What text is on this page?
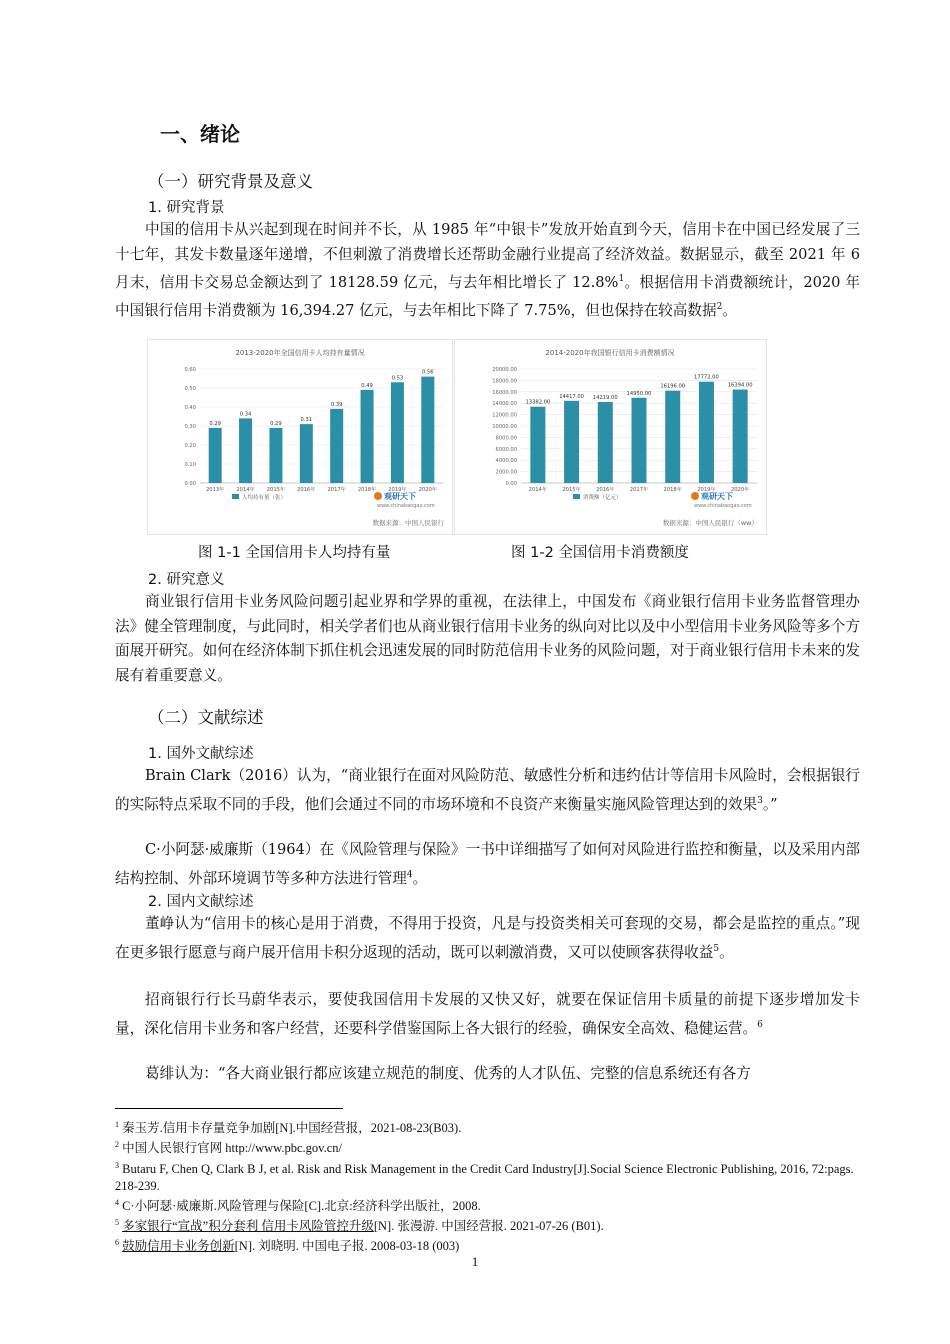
一、绪论
（一）研究背景及意义
1. 研究背景
中国的信用卡从兴起到现在时间并不长，从 1985 年“中银卡”发放开始直到今天，信用卡在中国已经发展了三十七年，其发卡数量逐年递增，不但刺激了消费增长还帮助金融行业提高了经济效益。数据显示，截至 2021 年 6 月末，信用卡交易总金额达到了 18128.59 亿元，与去年相比增长了 12.8%$^1$。根据信用卡消费额统计，2020 年中国银行信用卡消费额为 16,394.27 亿元，与去年相比下降了 7.75%，但也保持在较高数据$^2$。
2013-2020年全国信用卡人均持有量情况
0.29
0.34
0.29
0.31
0.39
0.49
0.53
0.56
2013年 2014年 2015年 2016年 2017年 2018年 2019年 2020年
0.00
0.10
0.20
0.30
0.40
0.50
0.60
人均持有量（张）	观研天下
www.chinabaogao.com
数据来源：中国人民银行
2014-2020年我国银行信用卡消费额情况
13382.00
14417.00 14219.00
14950.00
16196.00
17772.00
16394.00
2014年	2015年	2016年	2017年	2018年	2019年	2020年
0.00
2000.00
4000.00
6000.00
8000.00
10000.00
12000.00
14000.00
16000.00
18000.00
20000.00
消费额（亿元）	观研天下
www.chinabaogao.com
数据来源：中国人民银行（ww）
图 1-1 全国信用卡人均持有量	图 1-2 全国信用卡消费额度
2. 研究意义
商业银行信用卡业务风险问题引起业界和学界的重视，在法律上，中国发布《商业银行信用卡业务监督管理办法》健全管理制度，与此同时，相关学者们也从商业银行信用卡业务的纵向对比以及中小型信用卡业务风险等多个方面展开研究。如何在经济体制下抓住机会迅速发展的同时防范信用卡业务的风险问题，对于商业银行信用卡未来的发展有着重要意义。
（二）文献综述
1. 国外文献综述
Brain Clark（2016）认为，“商业银行在面对风险防范、敏感性分析和违约估计等信用卡风险时，会根据银行的实际特点采取不同的手段，他们会通过不同的市场环境和不良资产来衡量实施风险管理达到的效果$^3$。”
C·小阿瑟·威廉斯（1964）在《风险管理与保险》一书中详细描写了如何对风险进行监控和衡量，以及采用内部结构控制、外部环境调节等多种方法进行管理$^4$。
2. 国内文献综述
董峥认为“信用卡的核心是用于消费，不得用于投资，凡是与投资类相关可套现的交易，都会是监控的重点。”现在更多银行愿意与商户展开信用卡积分返现的活动，既可以刺激消费，又可以使顾客获得收益$^5$。
招商银行行长马蔚华表示，要使我国信用卡发展的又快又好，就要在保证信用卡质量的前提下逐步增加发卡量，深化信用卡业务和客户经营，还要科学借鉴国际上各大银行的经验，确保安全高效、稳健运营。$^6$
葛绯认为：“各大商业银行都应该建立规范的制度、优秀的人才队伍、完整的信息系统还有各方
$^1$ 秦玉芳.信用卡存量竞争加剧[N].中国经营报，2021-08-23(B03).
$^2$ 中国人民银行官网 http://www.pbc.gov.cn/
$^3$ Butaru F, Chen Q, Clark B J, et al. Risk and Risk Management in the Credit Card Industry[J].Social Science Electronic Publishing, 2016, 72:pags. 218-239.
$^4$ C·小阿瑟·威廉斯.风险管理与保险[C].北京:经济科学出版社，2008.
$^5$ 多家银行“宣战”积分套利 信用卡风险管控升级[N]. 张漫游. 中国经营报. 2021-07-26 (B01).
$^6$ 鼓励信用卡业务创新[N]. 刘晓明. 中国电子报. 2008-03-18 (003)
1
